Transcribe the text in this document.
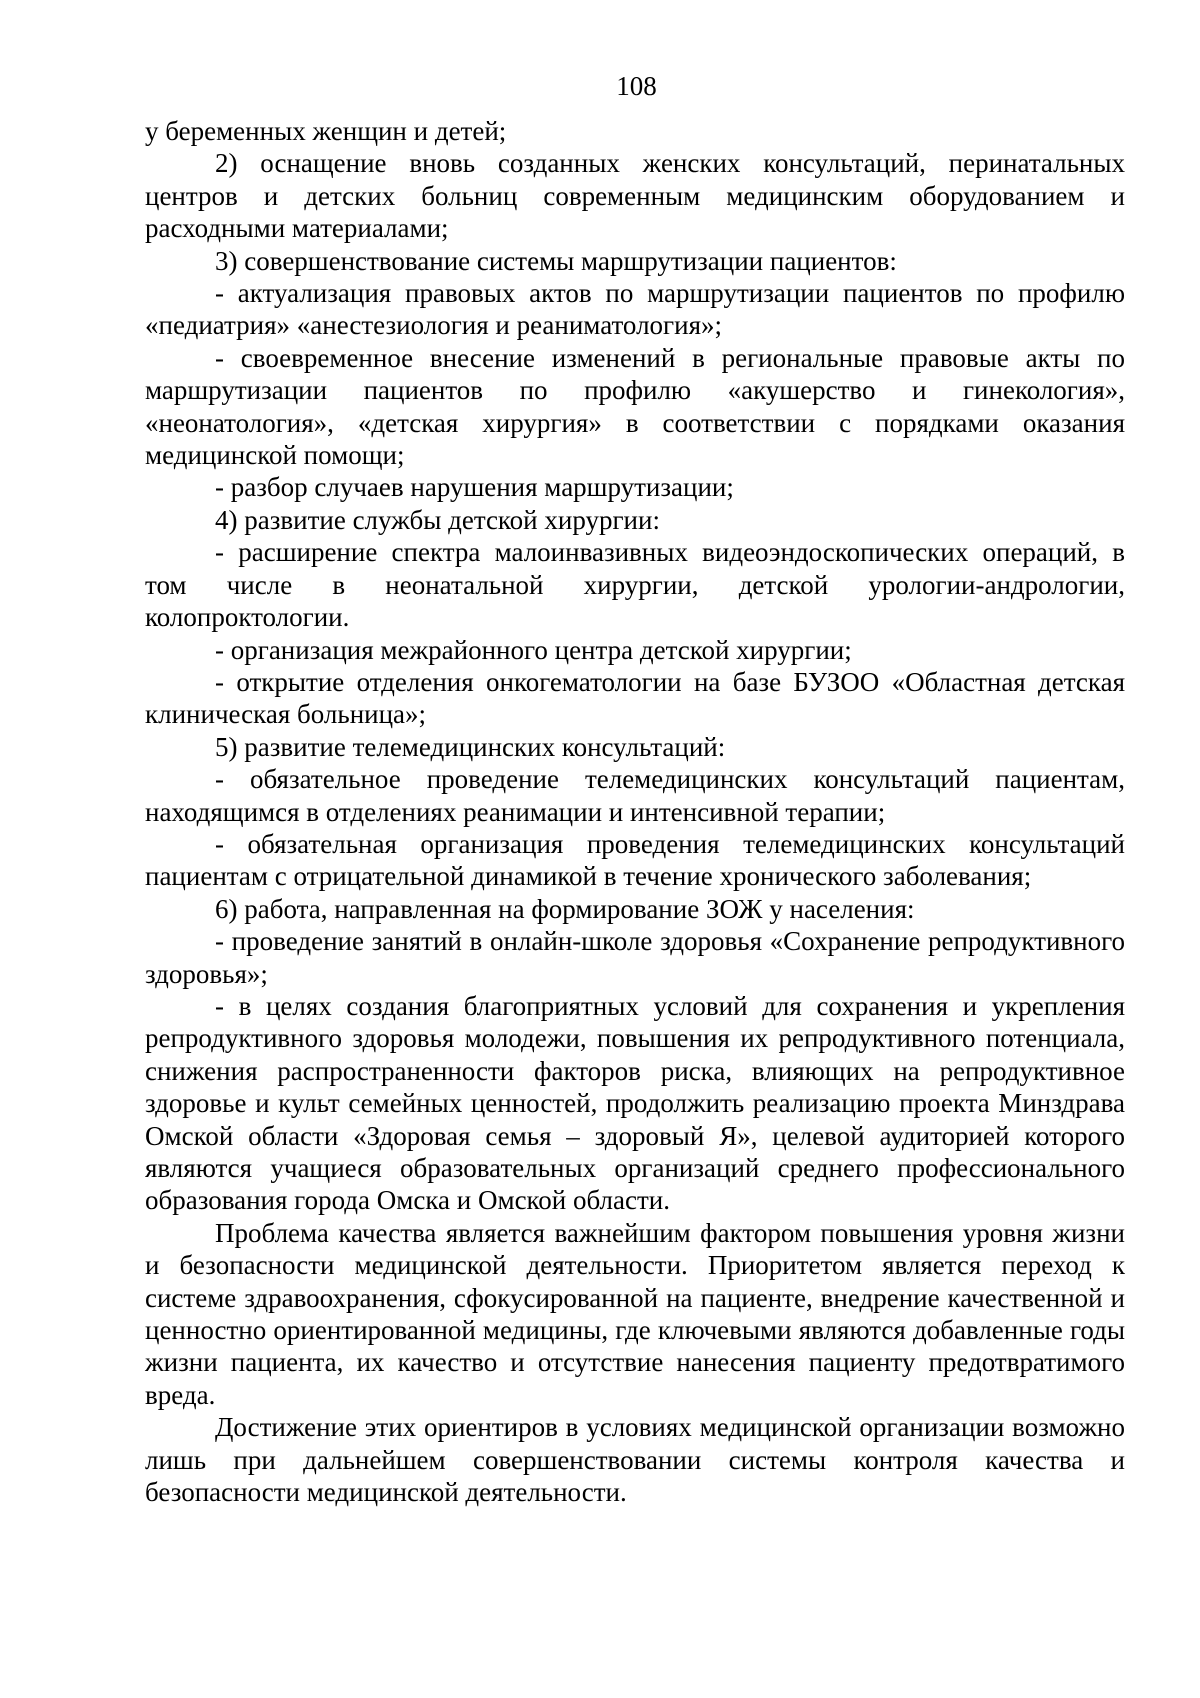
108

у беременных женщин и детей;

2) оснащение вновь созданных женских консультаций, перинатальных центров и детских больниц современным медицинским оборудованием и расходными материалами;

3) совершенствование системы маршрутизации пациентов:

- актуализация правовых актов по маршрутизации пациентов по профилю «педиатрия» «анестезиология и реаниматология»;

- своевременное внесение изменений в региональные правовые акты по маршрутизации пациентов по профилю «акушерство и гинекология», «неонатология», «детская хирургия» в соответствии с порядками оказания медицинской помощи;

- разбор случаев нарушения маршрутизации;

4) развитие службы детской хирургии:

- расширение спектра малоинвазивных видеоэндоскопических операций, в том числе в неонатальной хирургии, детской урологии-андрологии, колопроктологии.

- организация межрайонного центра детской хирургии;

- открытие отделения онкогематологии на базе БУЗОО «Областная детская клиническая больница»;

5) развитие телемедицинских консультаций:

- обязательное проведение телемедицинских консультаций пациентам, находящимся в отделениях реанимации и интенсивной терапии;

- обязательная организация проведения телемедицинских консультаций пациентам с отрицательной динамикой в течение хронического заболевания;

6) работа, направленная на формирование ЗОЖ у населения:

- проведение занятий в онлайн-школе здоровья «Сохранение репродуктивного здоровья»;

- в целях создания благоприятных условий для сохранения и укрепления репродуктивного здоровья молодежи, повышения их репродуктивного потенциала, снижения распространенности факторов риска, влияющих на репродуктивное здоровье и культ семейных ценностей, продолжить реализацию проекта Минздрава Омской области «Здоровая семья – здоровый Я», целевой аудиторией которого являются учащиеся образовательных организаций среднего профессионального образования города Омска и Омской области.

Проблема качества является важнейшим фактором повышения уровня жизни и безопасности медицинской деятельности. Приоритетом является переход к системе здравоохранения, сфокусированной на пациенте, внедрение качественной и ценностно ориентированной медицины, где ключевыми являются добавленные годы жизни пациента, их качество и отсутствие нанесения пациенту предотвратимого вреда.

Достижение этих ориентиров в условиях медицинской организации возможно лишь при дальнейшем совершенствовании системы контроля качества и безопасности медицинской деятельности.
